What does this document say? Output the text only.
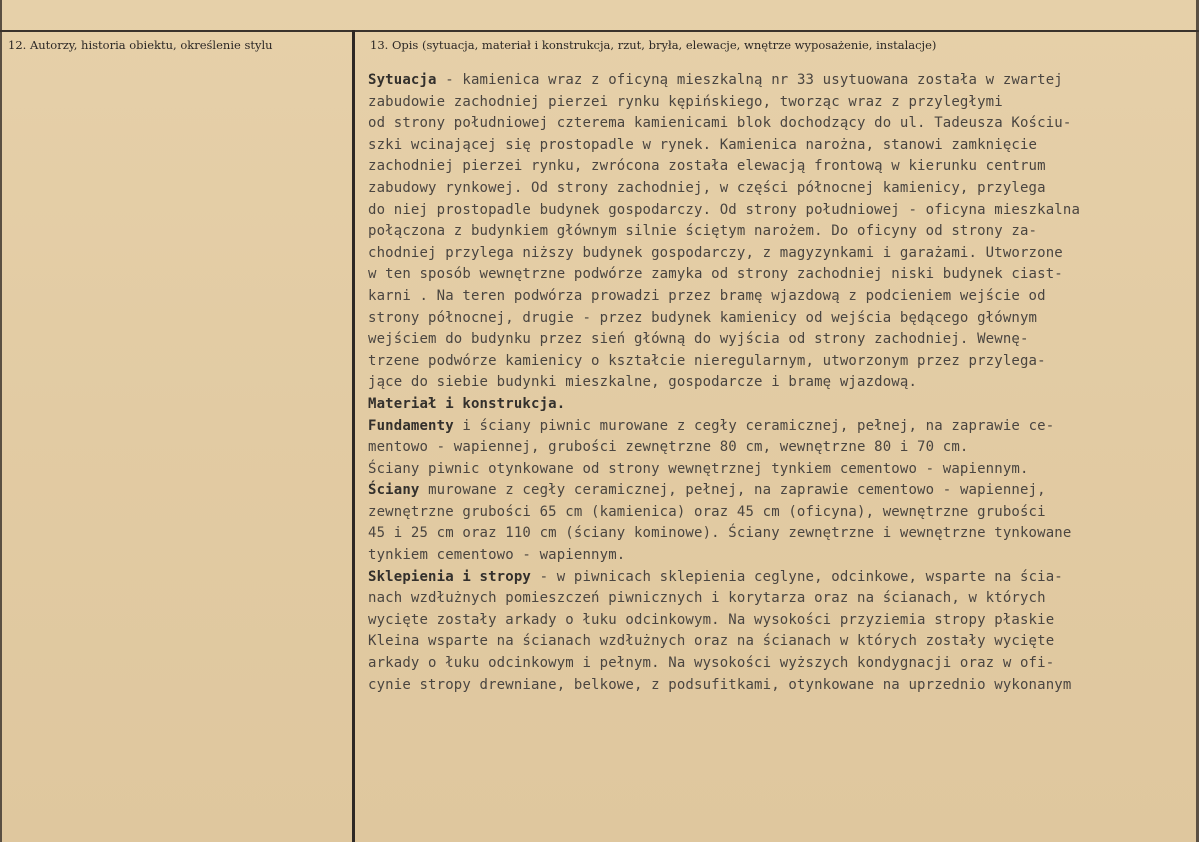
12. Autorzy, historia obiektu, określenie stylu	13. Opis (sytuacja, materiał i konstrukcja, rzut, bryła, elewacje, wnętrze wyposażenie, instalacje)
Sytuacja - kamienica wraz z oficyną mieszkalną nr 33 usytuowana została w zwartej
zabudowie zachodniej pierzei rynku kępińskiego, tworząc wraz z przyległymi
od strony południowej czterema kamienicami blok dochodzący do ul. Tadeusza Kościu-
szki wcinającej się prostopadle w rynek. Kamienica narożna, stanowi zamknięcie
zachodniej pierzei rynku, zwrócona została elewacją frontową w kierunku centrum
zabudowy rynkowej. Od strony zachodniej, w części północnej kamienicy, przylega
do niej prostopadle budynek gospodarczy. Od strony południowej - oficyna mieszkalna
połączona z budynkiem głównym silnie ściętym narożem. Do oficyny od strony za-
chodniej przylega niższy budynek gospodarczy, z magyzynkami i garażami. Utworzone
w ten sposób wewnętrzne podwórze zamyka od strony zachodniej niski budynek ciast-
karni . Na teren podwórza prowadzi przez bramę wjazdową z podcieniem wejście od
strony północnej, drugie - przez budynek kamienicy od wejścia będącego głównym
wejściem do budynku przez sień główną do wyjścia od strony zachodniej. Wewnę-
trzene podwórze kamienicy o kształcie nieregularnym, utworzonym przez przylega-
jące do siebie budynki mieszkalne, gospodarcze i bramę wjazdową.
Materiał i konstrukcja.
Fundamenty i ściany piwnic murowane z cegły ceramicznej, pełnej, na zaprawie ce-
mentowo - wapiennej, grubości zewnętrzne 80 cm, wewnętrzne 80 i 70 cm.
Ściany piwnic otynkowane od strony wewnętrznej tynkiem cementowo - wapiennym.
Ściany murowane z cegły ceramicznej, pełnej, na zaprawie cementowo - wapiennej,
zewnętrzne grubości 65 cm (kamienica) oraz 45 cm (oficyna), wewnętrzne grubości
45 i 25 cm oraz 110 cm (ściany kominowe). Ściany zewnętrzne i wewnętrzne tynkowane
tynkiem cementowo - wapiennym.
Sklepienia i stropy - w piwnicach sklepienia ceglyne, odcinkowe, wsparte na ścia-
nach wzdłużnych pomieszczeń piwnicznych i korytarza oraz na ścianach, w których
wycięte zostały arkady o łuku odcinkowym. Na wysokości przyziemia stropy płaskie
Kleina wsparte na ścianach wzdłużnych oraz na ścianach w których zostały wycięte
arkady o łuku odcinkowym i pełnym. Na wysokości wyższych kondygnacji oraz w ofi-
cynie stropy drewniane, belkowe, z podsufitkami, otynkowane na uprzednio wykonanym
